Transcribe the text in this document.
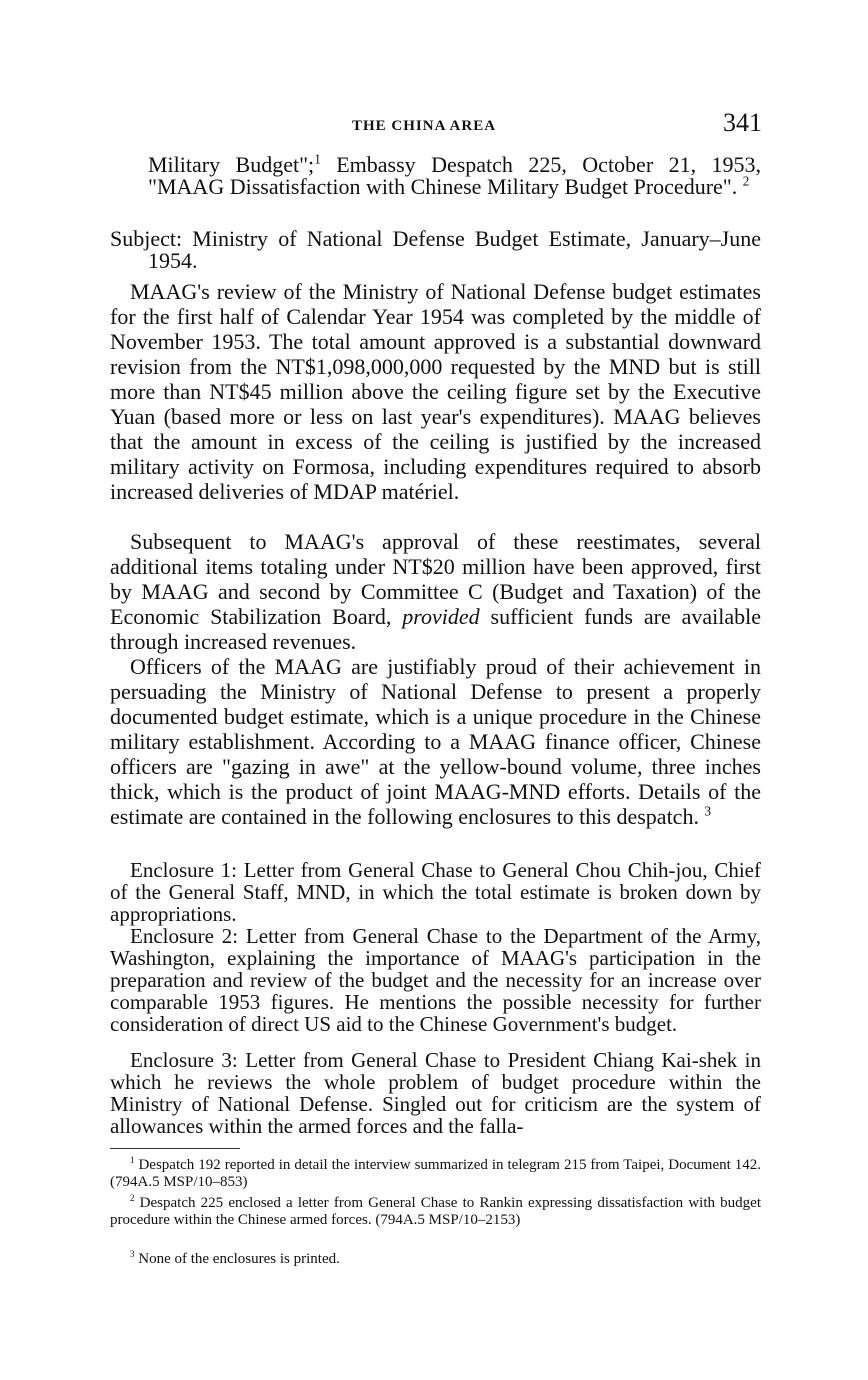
THE CHINA AREA	341

Military Budget";$^1$ Embassy Despatch 225, October 21, 1953, "MAAG Dissatisfaction with Chinese Military Budget Procedure". $^2$

Subject: Ministry of National Defense Budget Estimate, January–June 1954.

MAAG's review of the Ministry of National Defense budget estimates for the first half of Calendar Year 1954 was completed by the middle of November 1953. The total amount approved is a substantial downward revision from the NT$1,098,000,000 requested by the MND but is still more than NT$45 million above the ceiling figure set by the Executive Yuan (based more or less on last year's expenditures). MAAG believes that the amount in excess of the ceiling is justified by the increased military activity on Formosa, including expenditures required to absorb increased deliveries of MDAP matériel.

Subsequent to MAAG's approval of these reestimates, several additional items totaling under NT$20 million have been approved, first by MAAG and second by Committee C (Budget and Taxation) of the Economic Stabilization Board, provided sufficient funds are available through increased revenues.

Officers of the MAAG are justifiably proud of their achievement in persuading the Ministry of National Defense to present a properly documented budget estimate, which is a unique procedure in the Chinese military establishment. According to a MAAG finance officer, Chinese officers are "gazing in awe" at the yellow-bound volume, three inches thick, which is the product of joint MAAG-MND efforts. Details of the estimate are contained in the following enclosures to this despatch. $^3$

Enclosure 1: Letter from General Chase to General Chou Chih-jou, Chief of the General Staff, MND, in which the total estimate is broken down by appropriations.

Enclosure 2: Letter from General Chase to the Department of the Army, Washington, explaining the importance of MAAG's participation in the preparation and review of the budget and the necessity for an increase over comparable 1953 figures. He mentions the possible necessity for further consideration of direct US aid to the Chinese Government's budget.

Enclosure 3: Letter from General Chase to President Chiang Kai-shek in which he reviews the whole problem of budget procedure within the Ministry of National Defense. Singled out for criticism are the system of allowances within the armed forces and the falla-

$^1$ Despatch 192 reported in detail the interview summarized in telegram 215 from Taipei, Document 142. (794A.5 MSP/10–853)

$^2$ Despatch 225 enclosed a letter from General Chase to Rankin expressing dissatisfaction with budget procedure within the Chinese armed forces. (794A.5 MSP/10–2153)

$^3$ None of the enclosures is printed.
